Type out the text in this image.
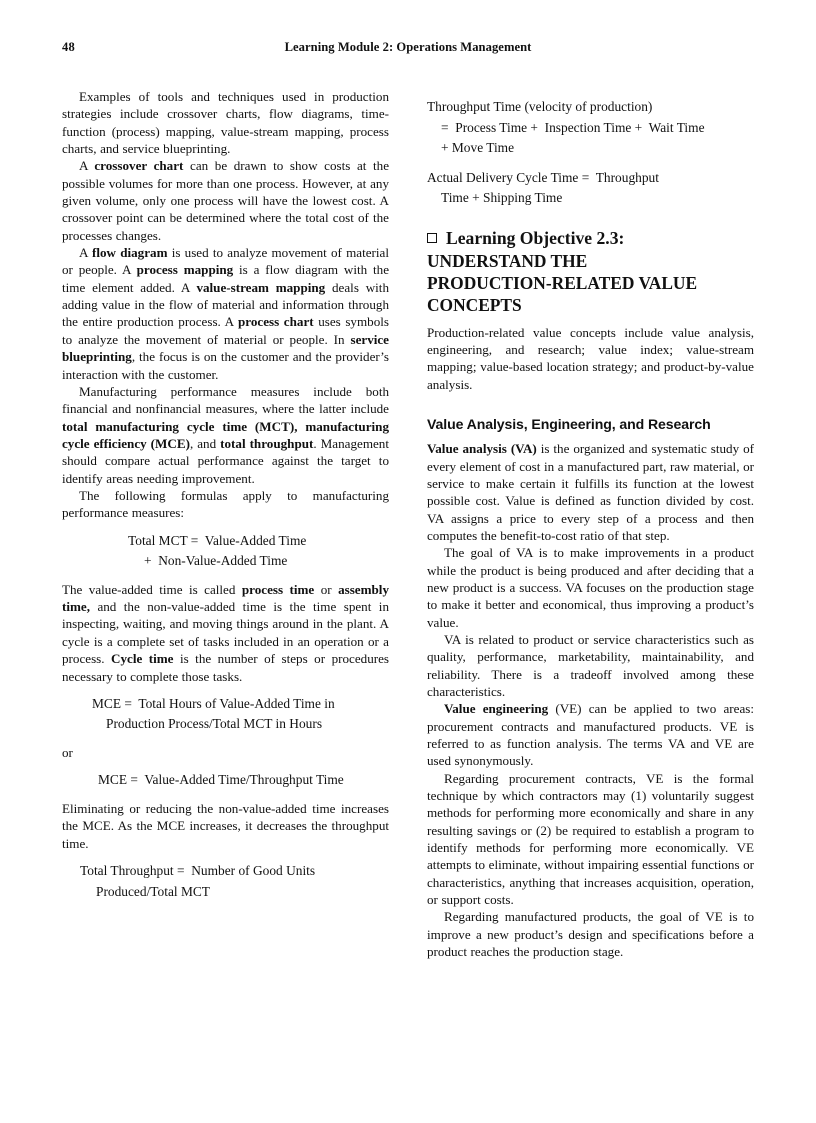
48	Learning Module 2: Operations Management

Examples of tools and techniques used in production strategies include crossover charts, flow diagrams, time-function (process) mapping, value-stream mapping, process charts, and service blueprinting.

A crossover chart can be drawn to show costs at the possible volumes for more than one process. However, at any given volume, only one process will have the lowest cost. A crossover point can be determined where the total cost of the processes changes.

A flow diagram is used to analyze movement of material or people. A process mapping is a flow diagram with the time element added. A value-stream mapping deals with adding value in the flow of material and information through the entire production process. A process chart uses symbols to analyze the movement of material or people. In service blueprinting, the focus is on the customer and the provider’s interaction with the customer.

Manufacturing performance measures include both financial and nonfinancial measures, where the latter include total manufacturing cycle time (MCT), manufacturing cycle efficiency (MCE), and total throughput. Management should compare actual performance against the target to identify areas needing improvement.

The following formulas apply to manufacturing performance measures:

Total MCT =  Value-Added Time
+  Non-Value-Added Time

The value-added time is called process time or assembly time, and the non-value-added time is the time spent in inspecting, waiting, and moving things around in the plant. A cycle is a complete set of tasks included in an operation or a process. Cycle time is the number of steps or procedures necessary to complete those tasks.

MCE =  Total Hours of Value-Added Time in
Production Process/Total MCT in Hours
or
MCE =  Value-Added Time/Throughput Time

Eliminating or reducing the non-value-added time increases the MCE. As the MCE increases, it decreases the throughput time.

Total Throughput =  Number of Good Units
Produced/Total MCT
Throughput Time (velocity of production)
=  Process Time +  Inspection Time +  Wait Time
+ Move Time
Actual Delivery Cycle Time =  Throughput
Time + Shipping Time
Learning Objective 2.3:
UNDERSTAND THE
PRODUCTION-RELATED VALUE
CONCEPTS

Production-related value concepts include value analysis, engineering, and research; value index; value-stream mapping; value-based location strategy; and product-by-value analysis.

Value Analysis, Engineering, and Research

Value analysis (VA) is the organized and systematic study of every element of cost in a manufactured part, raw material, or service to make certain it fulfills its function at the lowest possible cost. Value is defined as function divided by cost. VA assigns a price to every step of a process and then computes the benefit-to-cost ratio of that step.

The goal of VA is to make improvements in a product while the product is being produced and after deciding that a new product is a success. VA focuses on the production stage to make it better and economical, thus improving a product’s value.

VA is related to product or service characteristics such as quality, performance, marketability, maintainability, and reliability. There is a tradeoff involved among these characteristics.

Value engineering (VE) can be applied to two areas: procurement contracts and manufactured products. VE is referred to as function analysis. The terms VA and VE are used synonymously.

Regarding procurement contracts, VE is the formal technique by which contractors may (1) voluntarily suggest methods for performing more economically and share in any resulting savings or (2) be required to establish a program to identify methods for performing more economically. VE attempts to eliminate, without impairing essential functions or characteristics, anything that increases acquisition, operation, or support costs.

Regarding manufactured products, the goal of VE is to improve a new product’s design and specifications before a product reaches the production stage.
